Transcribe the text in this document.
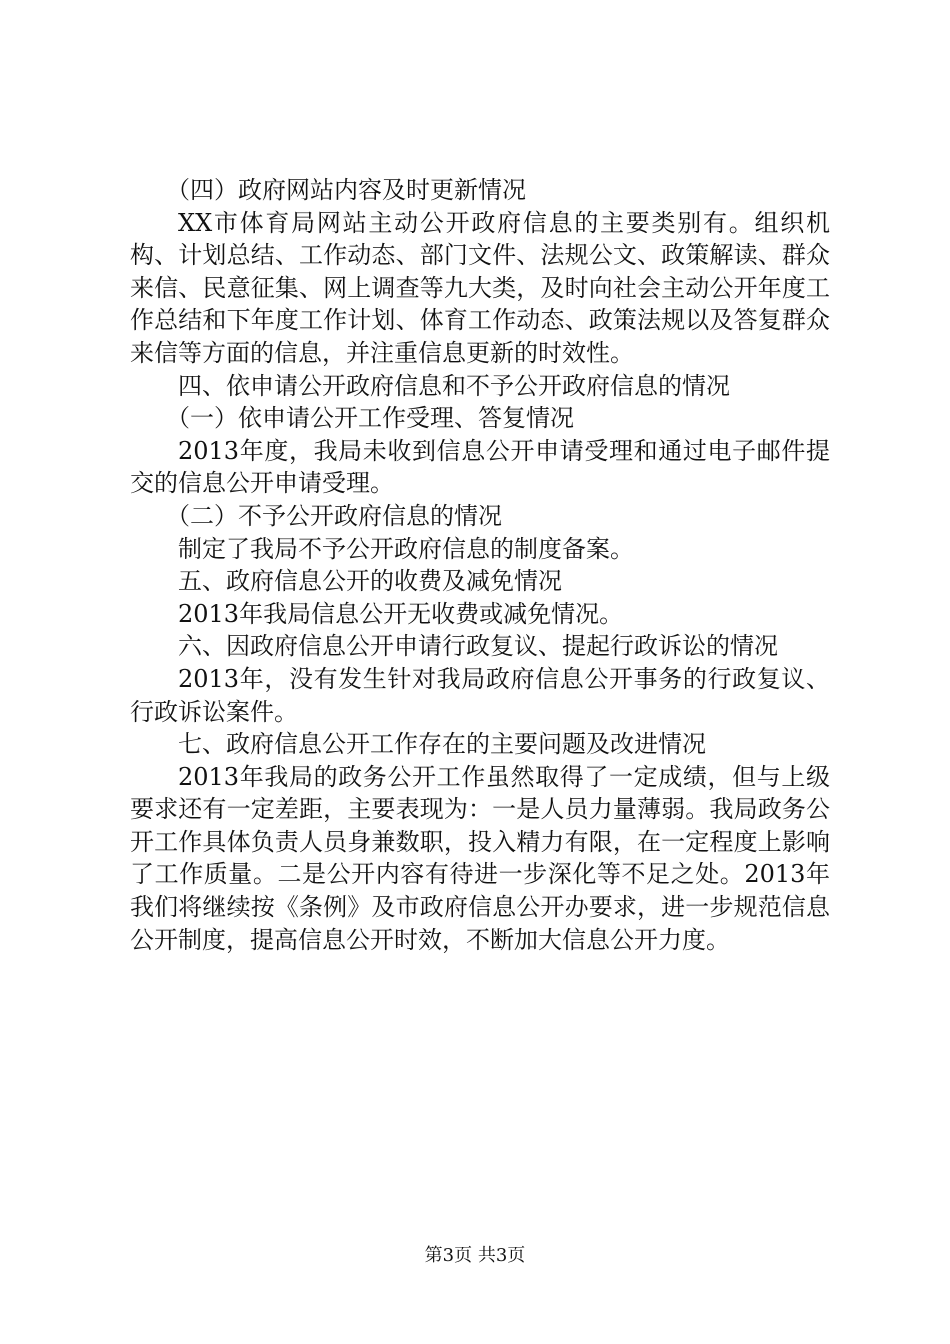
（四）政府网站内容及时更新情况

XX市体育局网站主动公开政府信息的主要类别有。组织机构、计划总结、工作动态、部门文件、法规公文、政策解读、群众来信、民意征集、网上调查等九大类，及时向社会主动公开年度工作总结和下年度工作计划、体育工作动态、政策法规以及答复群众来信等方面的信息，并注重信息更新的时效性。

四、依申请公开政府信息和不予公开政府信息的情况

（一）依申请公开工作受理、答复情况

2013年度，我局未收到信息公开申请受理和通过电子邮件提交的信息公开申请受理。

（二）不予公开政府信息的情况

制定了我局不予公开政府信息的制度备案。

五、政府信息公开的收费及减免情况

2013年我局信息公开无收费或减免情况。

六、因政府信息公开申请行政复议、提起行政诉讼的情况

2013年，没有发生针对我局政府信息公开事务的行政复议、行政诉讼案件。

七、政府信息公开工作存在的主要问题及改进情况

2013年我局的政务公开工作虽然取得了一定成绩，但与上级要求还有一定差距，主要表现为：一是人员力量薄弱。我局政务公开工作具体负责人员身兼数职，投入精力有限，在一定程度上影响了工作质量。二是公开内容有待进一步深化等不足之处。2013年我们将继续按《条例》及市政府信息公开办要求，进一步规范信息公开制度，提高信息公开时效，不断加大信息公开力度。

第3页 共3页
